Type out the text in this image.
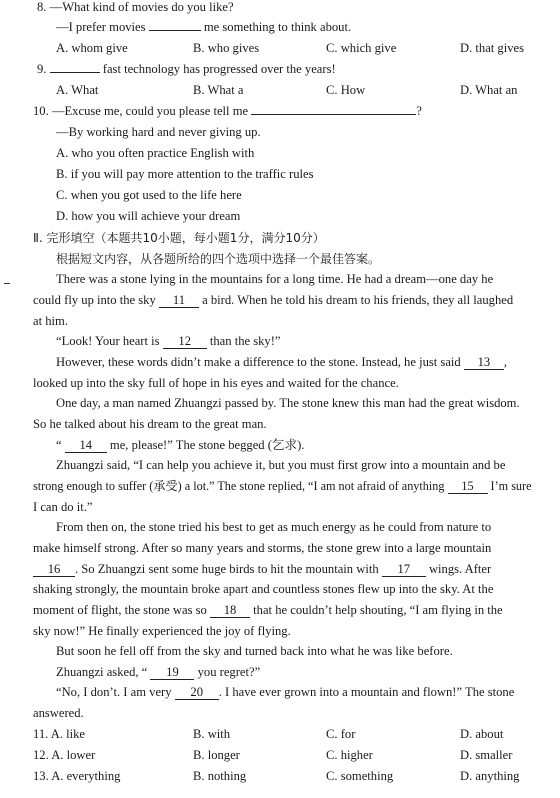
8. —What kind of movies do you like?
—I prefer movies	me something to think about.
A. whom give	B. who gives	C. which give	D. that gives
9.	fast technology has progressed over the years!
A. What	B. What a	C. How	D. What an
10. —Excuse me, could you please tell me	?
—By working hard and never giving up.
A. who you often practice English with
B. if you will pay more attention to the traffic rules
C. when you got used to the life here
D. how you will achieve your dream
Ⅱ. 完形填空（本题共10小题，每小题1分，满分10分）
根据短文内容，从各题所给的四个选项中选择一个最佳答案。
There was a stone lying in the mountains for a long time. He had a dream—one day he
could fly up into the sky 11 a bird. When he told his dream to his friends, they all laughed
at him.
“Look! Your heart is 12 than the sky!”
However, these words didn’t make a difference to the stone. Instead, he just said 13 ,
looked up into the sky full of hope in his eyes and waited for the chance.
One day, a man named Zhuangzi passed by. The stone knew this man had the great wisdom.
So he talked about his dream to the great man.
“ 14 me, please!” The stone begged (乞求).
Zhuangzi said, “I can help you achieve it, but you must first grow into a mountain and be
strong enough to suffer (承受) a lot.” The stone replied, “I am not afraid of anything 15 I’m sure
I can do it.”
From then on, the stone tried his best to get as much energy as he could from nature to
make himself strong. After so many years and storms, the stone grew into a large mountain
16 . So Zhuangzi sent some huge birds to hit the mountain with 17 wings. After
shaking strongly, the mountain broke apart and countless stones flew up into the sky. At the
moment of flight, the stone was so 18 that he couldn’t help shouting, “I am flying in the
sky now!” He finally experienced the joy of flying.
But soon he fell off from the sky and turned back into what he was like before.
Zhuangzi asked, “ 19 you regret?”
“No, I don’t. I am very 20 . I have ever grown into a mountain and flown!” The stone
answered.
11. A. like	B. with	C. for	D. about
12. A. lower	B. longer	C. higher	D. smaller
13. A. everything	B. nothing	C. something	D. anything
